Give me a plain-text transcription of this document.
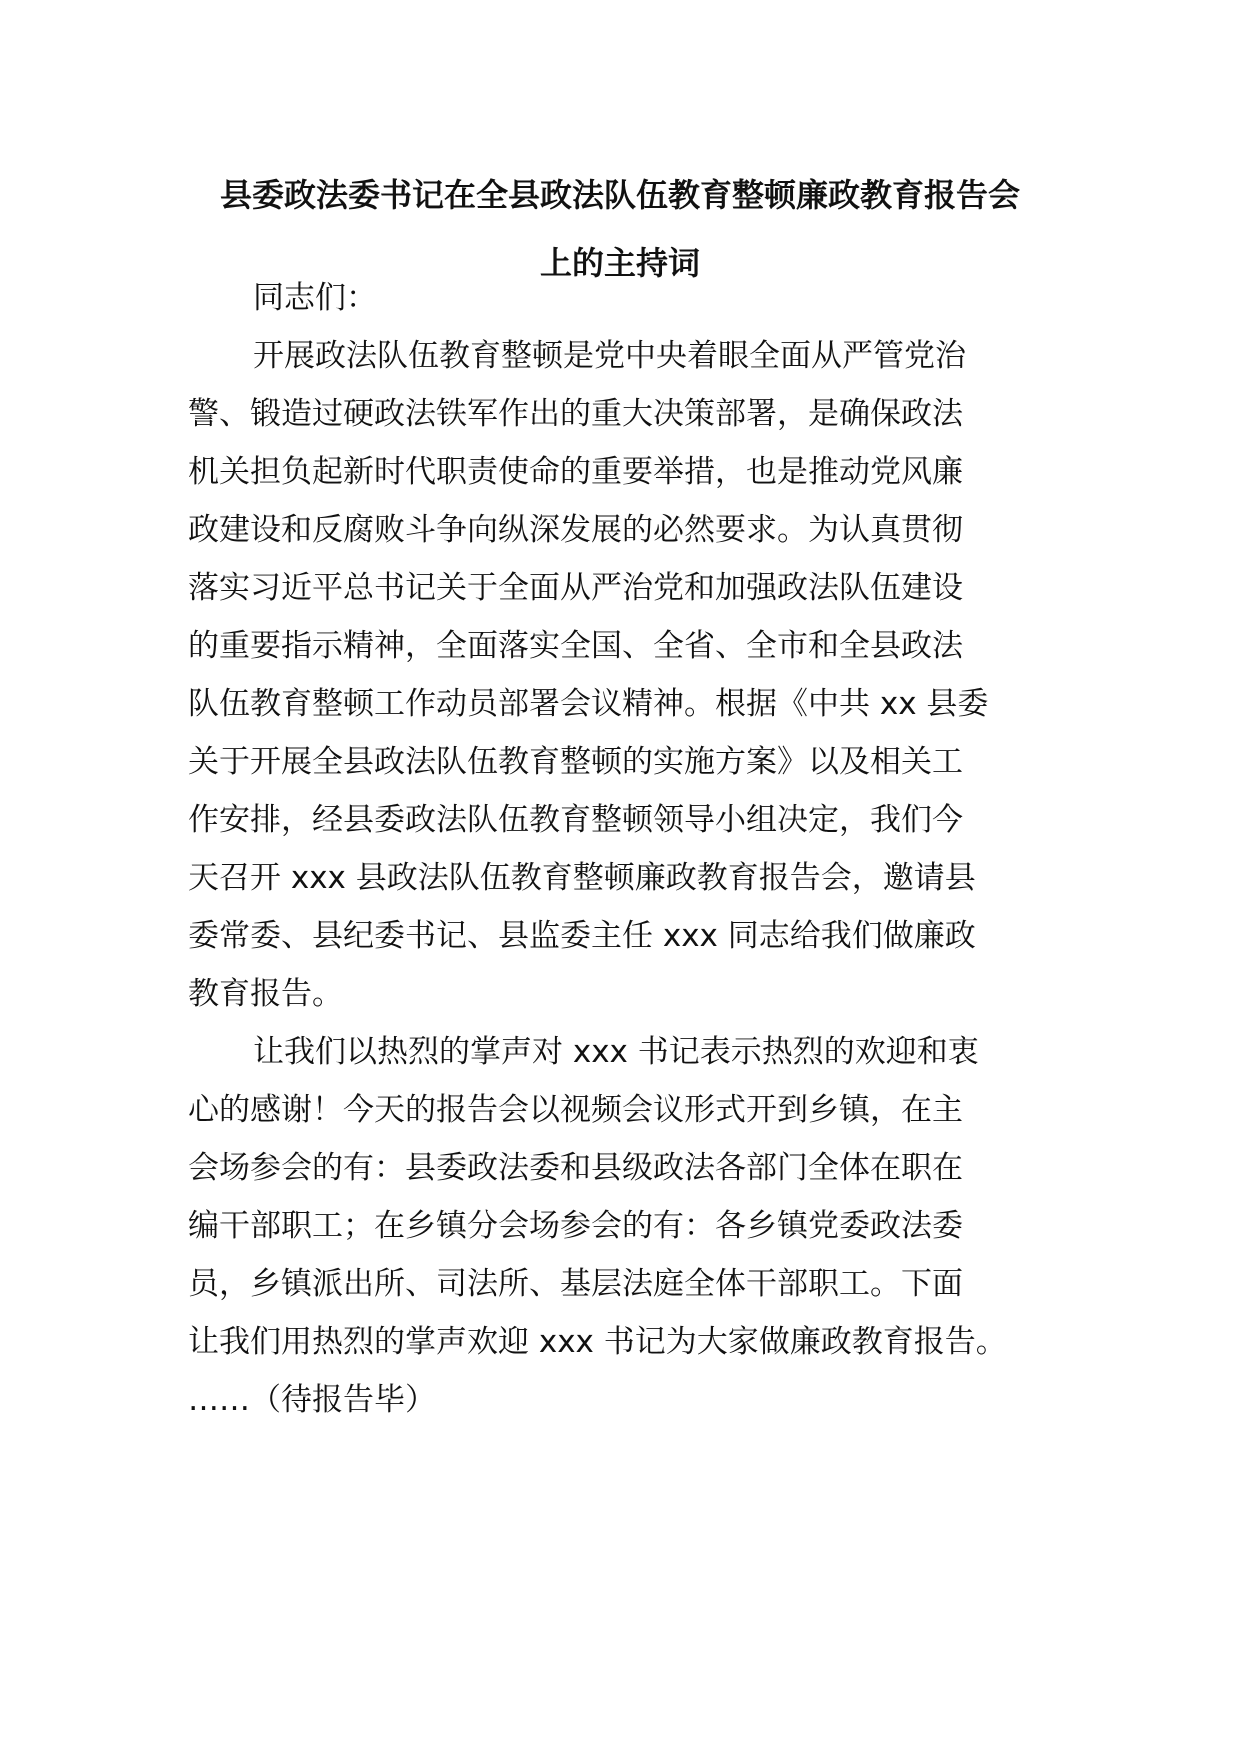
县委政法委书记在全县政法队伍教育整顿廉政教育报告会
上的主持词
同志们：
开展政法队伍教育整顿是党中央着眼全面从严管党治
警、锻造过硬政法铁军作出的重大决策部署，是确保政法
机关担负起新时代职责使命的重要举措，也是推动党风廉
政建设和反腐败斗争向纵深发展的必然要求。为认真贯彻
落实习近平总书记关于全面从严治党和加强政法队伍建设
的重要指示精神，全面落实全国、全省、全市和全县政法
队伍教育整顿工作动员部署会议精神。根据《中共 xx 县委
关于开展全县政法队伍教育整顿的实施方案》以及相关工
作安排，经县委政法队伍教育整顿领导小组决定，我们今
天召开 xxx 县政法队伍教育整顿廉政教育报告会，邀请县
委常委、县纪委书记、县监委主任 xxx 同志给我们做廉政
教育报告。
让我们以热烈的掌声对 xxx 书记表示热烈的欢迎和衷
心的感谢！今天的报告会以视频会议形式开到乡镇，在主
会场参会的有：县委政法委和县级政法各部门全体在职在
编干部职工；在乡镇分会场参会的有：各乡镇党委政法委
员，乡镇派出所、司法所、基层法庭全体干部职工。下面
让我们用热烈的掌声欢迎 xxx 书记为大家做廉政教育报告。
……（待报告毕）
